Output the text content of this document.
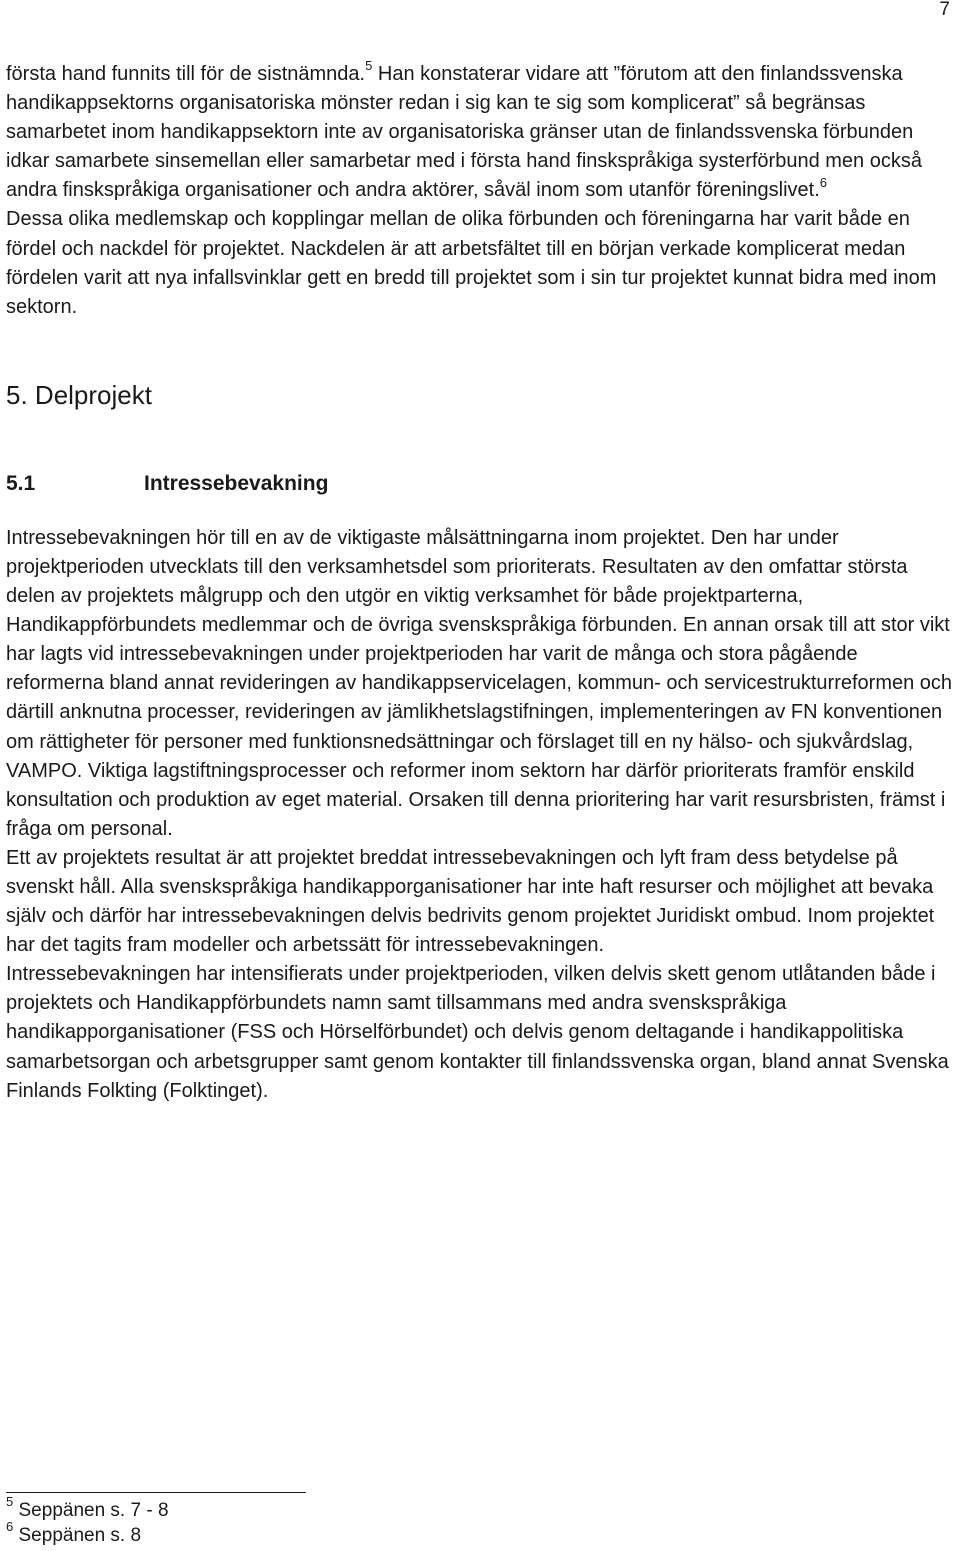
7

första hand funnits till för de sistnämnda.$^5$ Han konstaterar vidare att ”förutom att den finlandssvenska handikappsektorns organisatoriska mönster redan i sig kan te sig som komplicerat” så begränsas samarbetet inom handikappsektorn inte av organisatoriska gränser utan de finlandssvenska förbunden idkar samarbete sinsemellan eller samarbetar med i första hand finskspråkiga systerförbund men också andra finskspråkiga organisationer och andra aktörer, såväl inom som utanför föreningslivet.$^6$

Dessa olika medlemskap och kopplingar mellan de olika förbunden och föreningarna har varit både en fördel och nackdel för projektet. Nackdelen är att arbetsfältet till en början verkade komplicerat medan fördelen varit att nya infallsvinklar gett en bredd till projektet som i sin tur projektet kunnat bidra med inom sektorn.

5. Delprojekt
5.1	Intressebevakning

Intressebevakningen hör till en av de viktigaste målsättningarna inom projektet. Den har under projektperioden utvecklats till den verksamhetsdel som prioriterats. Resultaten av den omfattar största delen av projektets målgrupp och den utgör en viktig verksamhet för både projektparterna, Handikappförbundets medlemmar och de övriga svenskspråkiga förbunden. En annan orsak till att stor vikt har lagts vid intressebevakningen under projektperioden har varit de många och stora pågående reformerna bland annat revideringen av handikappservicelagen, kommun- och servicestrukturreformen och därtill anknutna processer, revideringen av jämlikhetslagstifningen, implementeringen av FN konventionen om rättigheter för personer med funktionsnedsättningar och förslaget till en ny hälso- och sjukvårdslag, VAMPO. Viktiga lagstiftningsprocesser och reformer inom sektorn har därför prioriterats framför enskild konsultation och produktion av eget material. Orsaken till denna prioritering har varit resursbristen, främst i fråga om personal.

Ett av projektets resultat är att projektet breddat intressebevakningen och lyft fram dess betydelse på svenskt håll. Alla svenskspråkiga handikapporganisationer har inte haft resurser och möjlighet att bevaka själv och därför har intressebevakningen delvis bedrivits genom projektet Juridiskt ombud. Inom projektet har det tagits fram modeller och arbetssätt för intressebevakningen.

Intressebevakningen har intensifierats under projektperioden, vilken delvis skett genom utlåtanden både i projektets och Handikappförbundets namn samt tillsammans med andra svenskspråkiga handikapporganisationer (FSS och Hörselförbundet) och delvis genom deltagande i handikappolitiska samarbetsorgan och arbetsgrupper samt genom kontakter till finlandssvenska organ, bland annat Svenska Finlands Folkting (Folktinget).

$^5$ Seppänen s. 7 - 8
$^6$ Seppänen s. 8
